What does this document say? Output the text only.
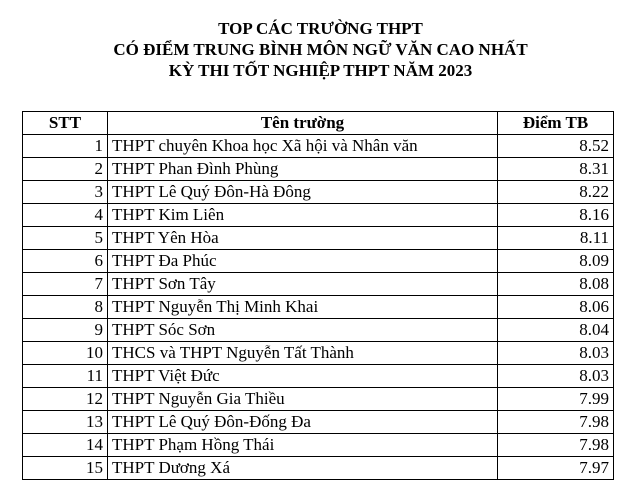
TOP CÁC TRƯỜNG THPT

CÓ ĐIỂM TRUNG BÌNH MÔN NGỮ VĂN CAO NHẤT

KỲ THI TỐT NGHIỆP THPT NĂM 2023

STT	Tên trường	Điểm TB
1	THPT chuyên Khoa học Xã hội và Nhân văn	8.52
2	THPT Phan Đình Phùng	8.31
3	THPT Lê Quý Đôn-Hà Đông	8.22
4	THPT Kim Liên	8.16
5	THPT Yên Hòa	8.11
6	THPT Đa Phúc	8.09
7	THPT Sơn Tây	8.08
8	THPT Nguyễn Thị Minh Khai	8.06
9	THPT Sóc Sơn	8.04
10	THCS và THPT Nguyễn Tất Thành	8.03
11	THPT Việt Đức	8.03
12	THPT Nguyễn Gia Thiều	7.99
13	THPT Lê Quý Đôn-Đống Đa	7.98
14	THPT Phạm Hồng Thái	7.98
15	THPT Dương Xá	7.97
